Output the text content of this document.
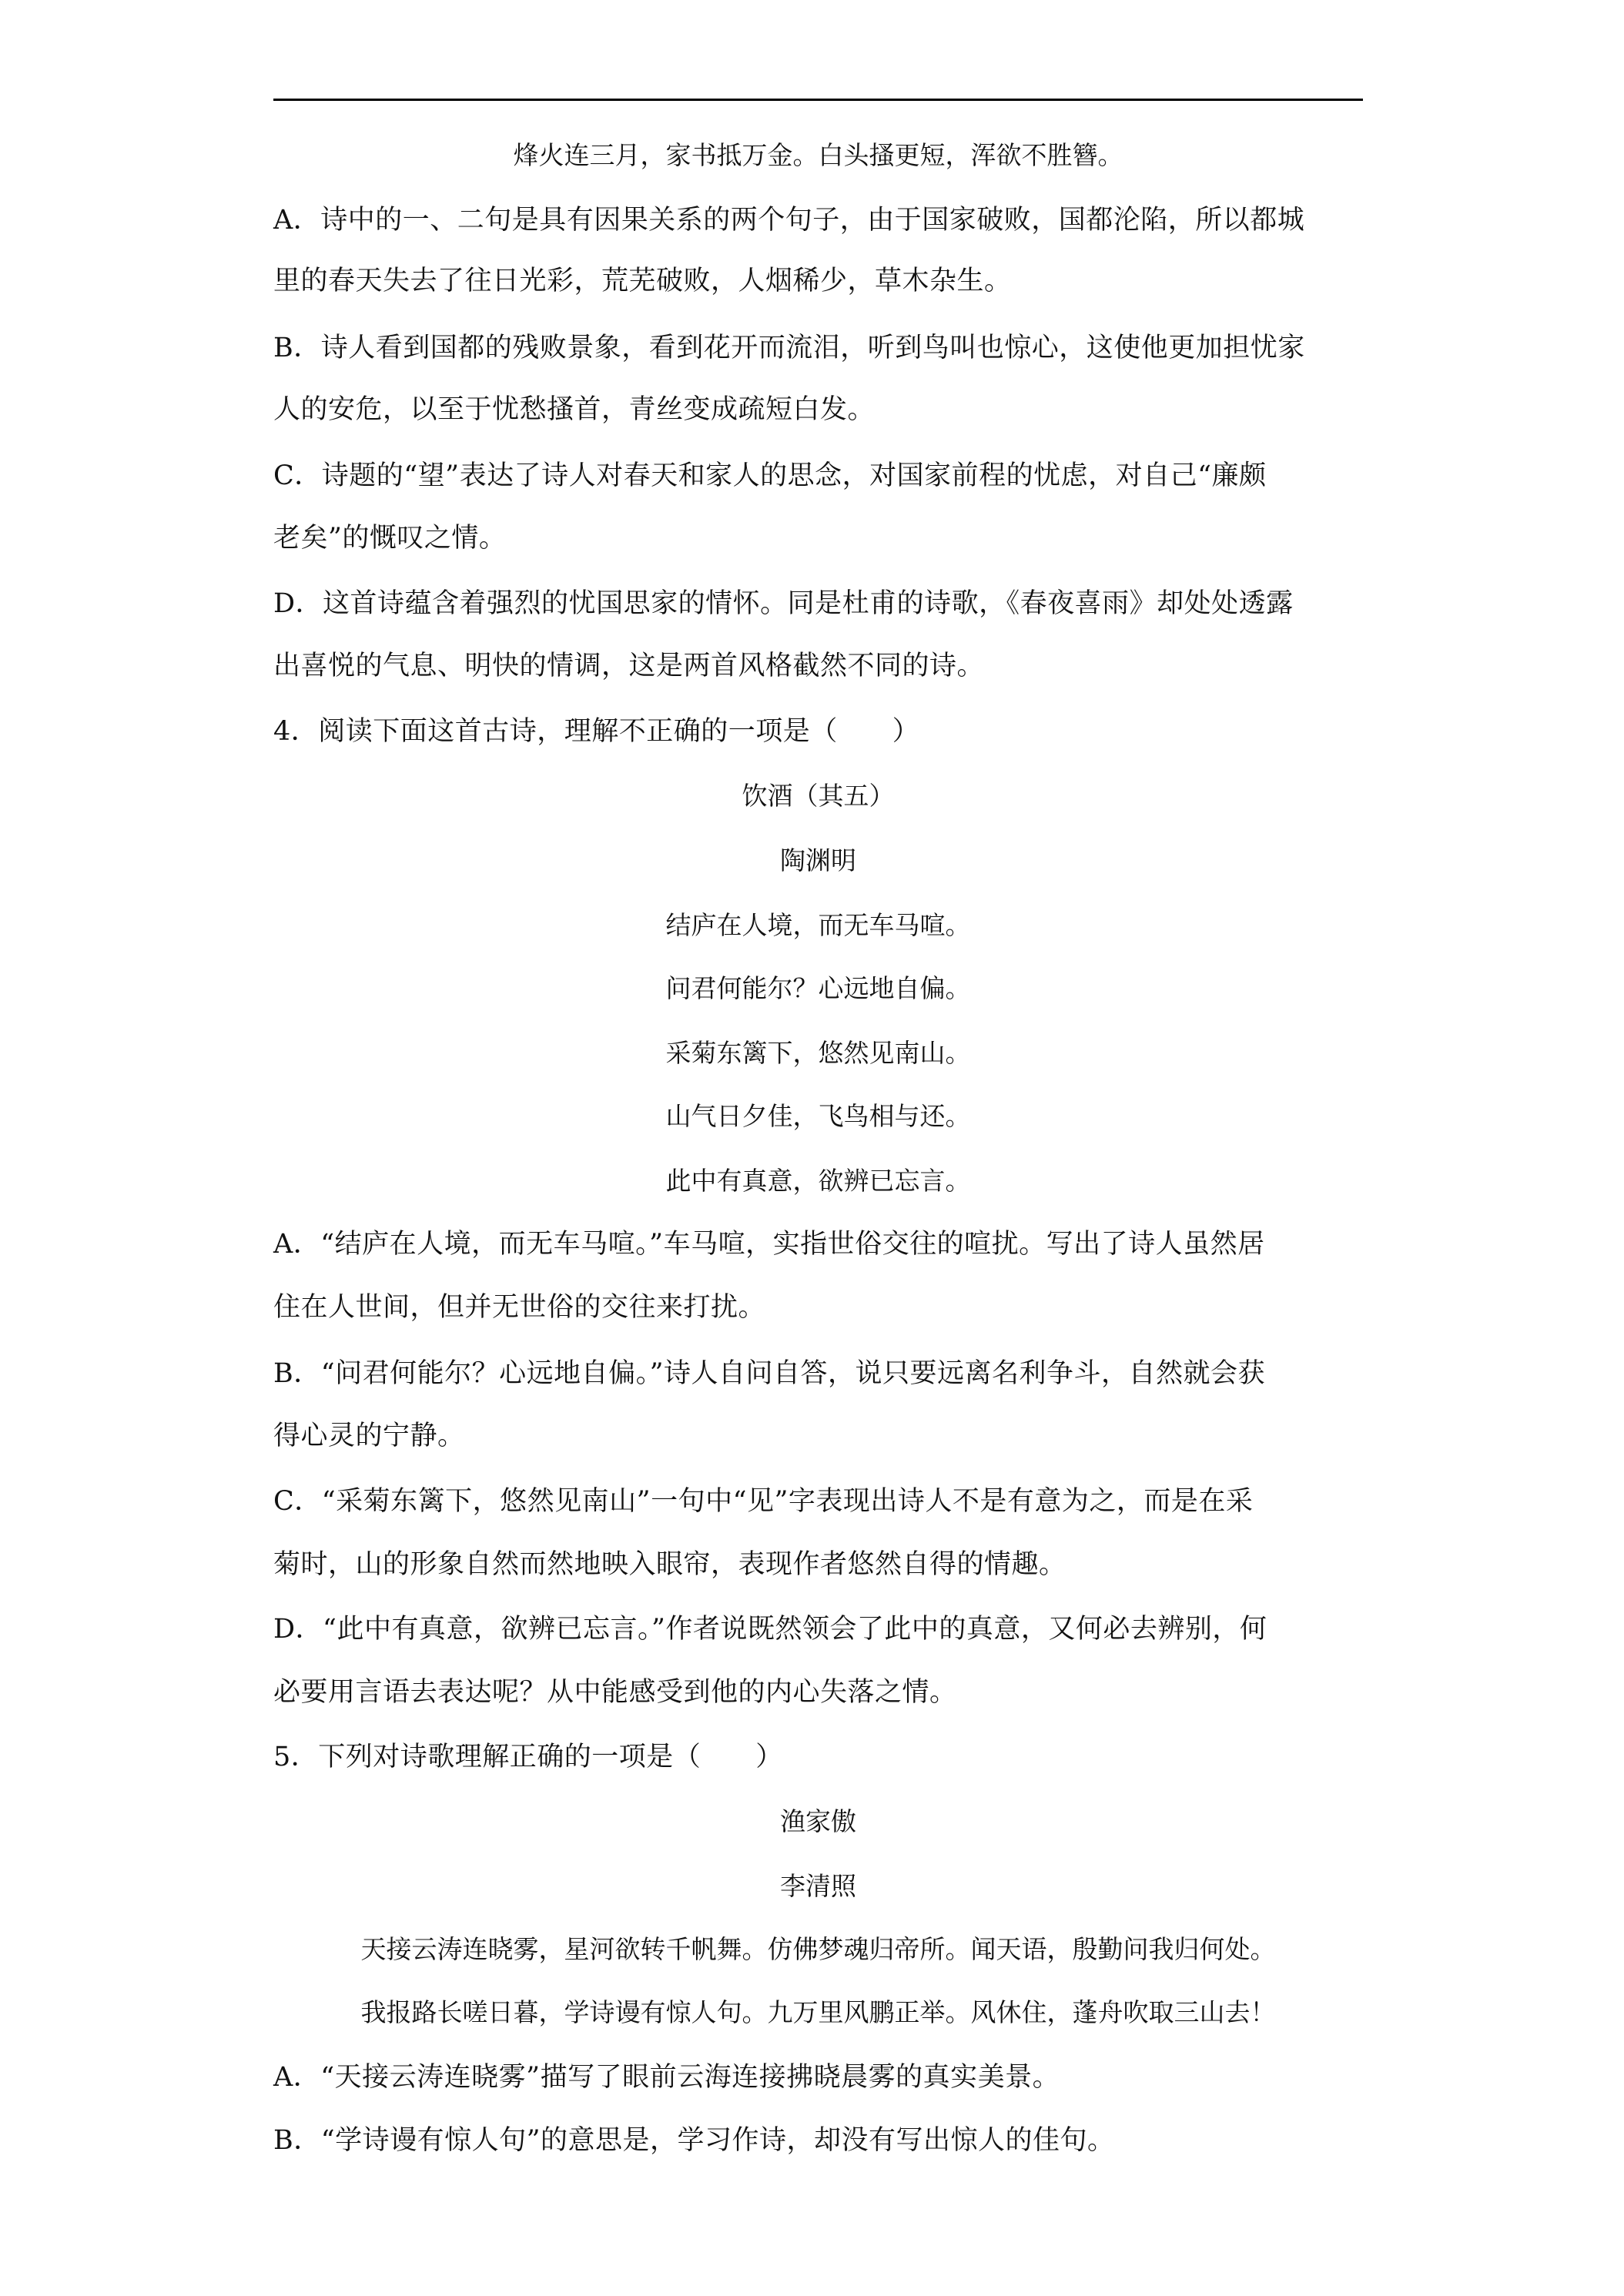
烽火连三月，家书抵万金。白头搔更短，浑欲不胜簪。
A．诗中的一、二句是具有因果关系的两个句子，由于国家破败，国都沦陷，所以都城
里的春天失去了往日光彩，荒芜破败，人烟稀少，草木杂生。
B．诗人看到国都的残败景象，看到花开而流泪，听到鸟叫也惊心，这使他更加担忧家
人的安危，以至于忧愁搔首，青丝变成疏短白发。
C．诗题的“望”表达了诗人对春天和家人的思念，对国家前程的忧虑，对自己“廉颇
老矣”的慨叹之情。
D．这首诗蕴含着强烈的忧国思家的情怀。同是杜甫的诗歌，《春夜喜雨》却处处透露
出喜悦的气息、明快的情调，这是两首风格截然不同的诗。
4．阅读下面这首古诗，理解不正确的一项是（　　）
饮酒（其五）
陶渊明
结庐在人境，而无车马喧。
问君何能尔？心远地自偏。
采菊东篱下，悠然见南山。
山气日夕佳，飞鸟相与还。
此中有真意，欲辨已忘言。
A．“结庐在人境，而无车马喧。”车马喧，实指世俗交往的喧扰。写出了诗人虽然居
住在人世间，但并无世俗的交往来打扰。
B．“问君何能尔？心远地自偏。”诗人自问自答，说只要远离名利争斗，自然就会获
得心灵的宁静。
C．“采菊东篱下，悠然见南山”一句中“见”字表现出诗人不是有意为之，而是在采
菊时，山的形象自然而然地映入眼帘，表现作者悠然自得的情趣。
D．“此中有真意，欲辨已忘言。”作者说既然领会了此中的真意，又何必去辨别，何
必要用言语去表达呢？从中能感受到他的内心失落之情。
5．下列对诗歌理解正确的一项是（　　）
渔家傲
李清照
天接云涛连晓雾，星河欲转千帆舞。仿佛梦魂归帝所。闻天语，殷勤问我归何处。
我报路长嗟日暮，学诗谩有惊人句。九万里风鹏正举。风休住，蓬舟吹取三山去！
A．“天接云涛连晓雾”描写了眼前云海连接拂晓晨雾的真实美景。
B．“学诗谩有惊人句”的意思是，学习作诗，却没有写出惊人的佳句。
